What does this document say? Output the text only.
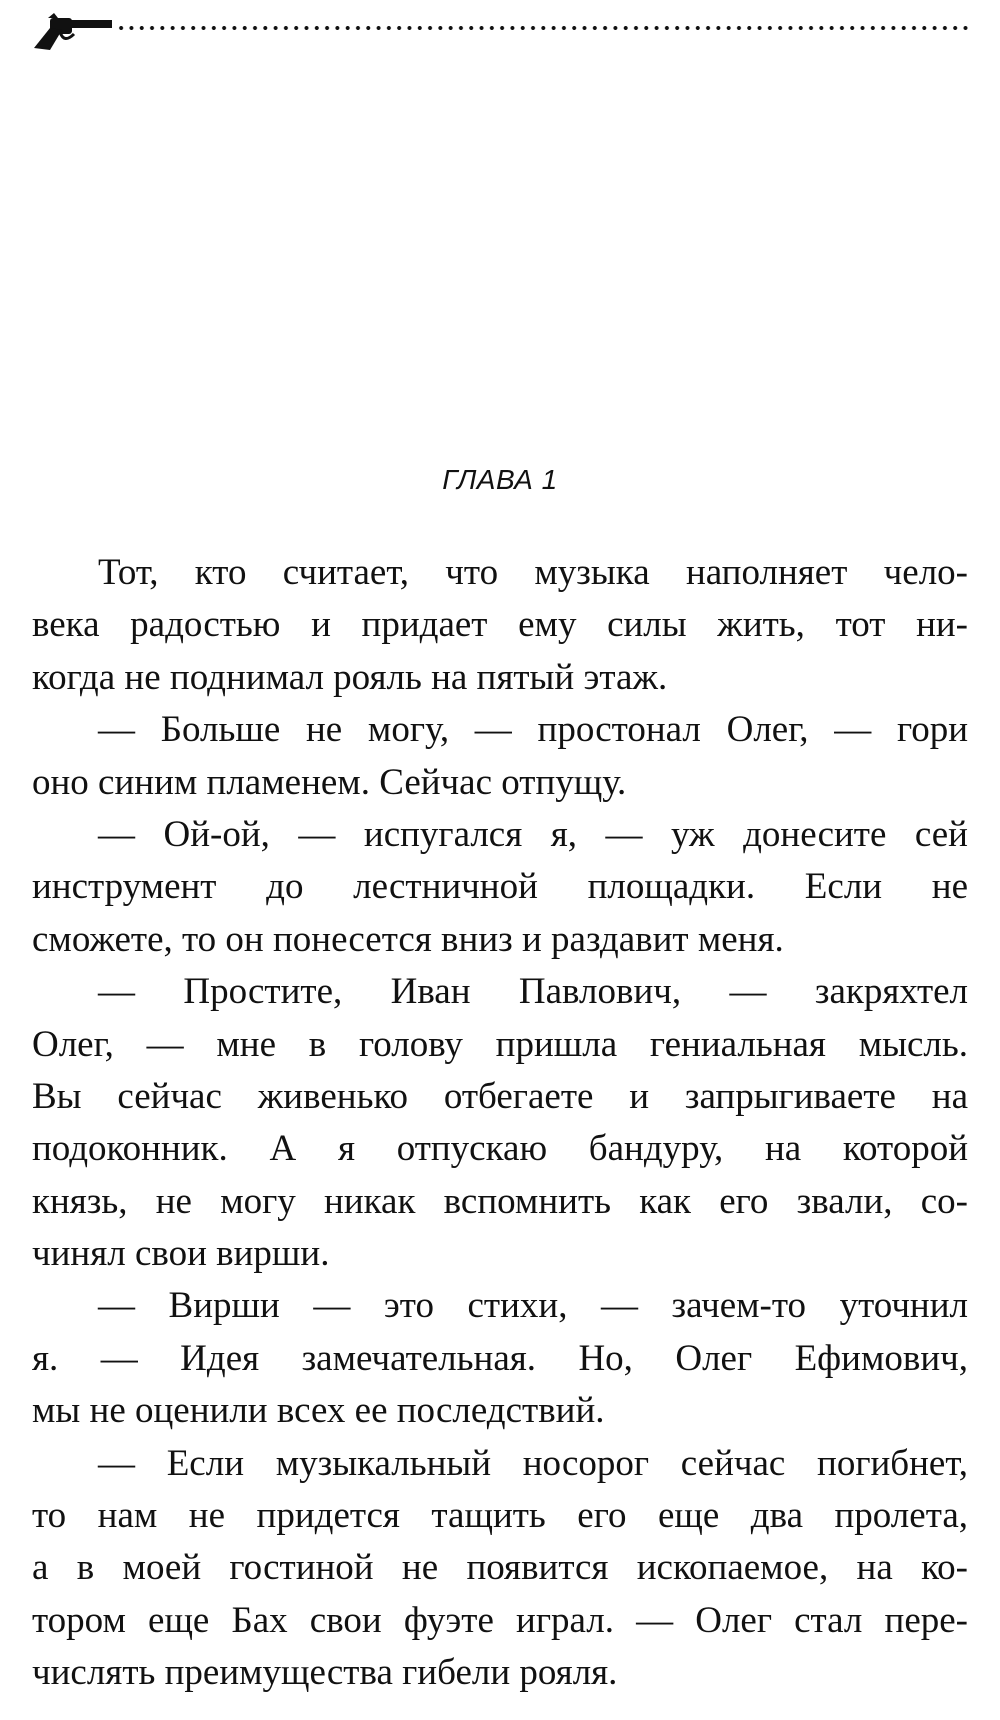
ГЛАВА 1
Тот, кто считает, что музыка наполняет чело-
века радостью и придает ему силы жить, тот ни-
когда не поднимал рояль на пятый этаж.
— Больше не могу, — простонал Олег, — гори
оно синим пламенем. Сейчас отпущу.
— Ой-ой, — испугался я, — уж донесите сей
инструмент до лестничной площадки. Если не
сможете, то он понесется вниз и раздавит меня.
— Простите, Иван Павлович, — закряхтел
Олег, — мне в голову пришла гениальная мысль.
Вы сейчас живенько отбегаете и запрыгиваете на
подоконник. А я отпускаю бандуру, на которой
князь, не могу никак вспомнить как его звали, со-
чинял свои вирши.
— Вирши — это стихи, — зачем-то уточнил
я. — Идея замечательная. Но, Олег Ефимович,
мы не оценили всех ее последствий.
— Если музыкальный носорог сейчас погибнет,
то нам не придется тащить его еще два пролета,
а в моей гостиной не появится ископаемое, на ко-
тором еще Бах свои фуэте играл. — Олег стал пере-
числять преимущества гибели рояля.
